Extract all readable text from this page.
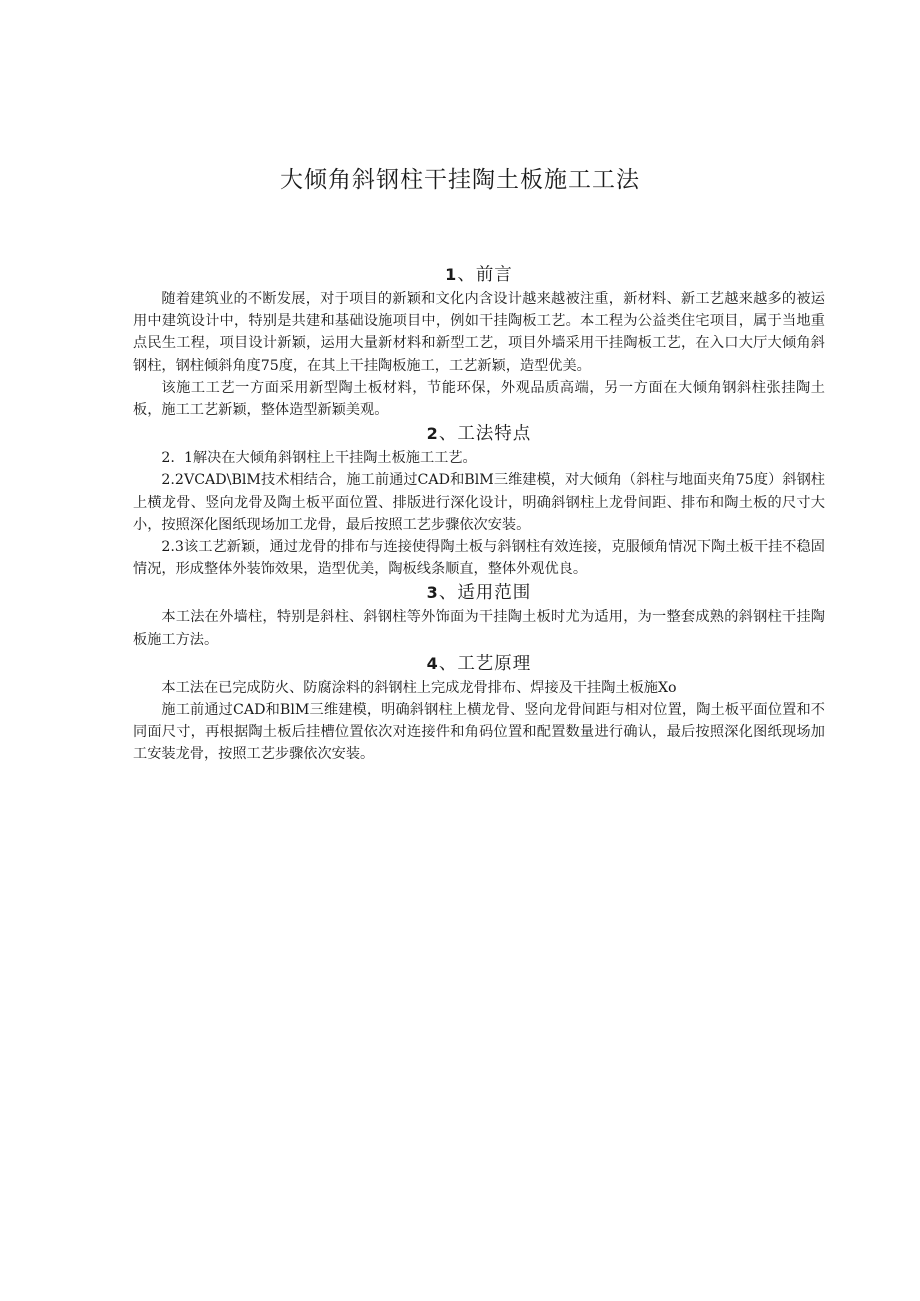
大倾角斜钢柱干挂陶土板施工工法
1、前言

随着建筑业的不断发展，对于项目的新颖和文化内含设计越来越被注重，新材料、新工艺越来越多的被运用中建筑设计中，特别是共建和基础设施项目中，例如干挂陶板工艺。本工程为公益类住宅项目，属于当地重点民生工程，项目设计新颖，运用大量新材料和新型工艺，项目外墙采用干挂陶板工艺，在入口大厅大倾角斜钢柱，钢柱倾斜角度75度，在其上干挂陶板施工，工艺新颖，造型优美。

该施工工艺一方面采用新型陶土板材料，节能环保，外观品质高端，另一方面在大倾角钢斜柱张挂陶土板，施工工艺新颖，整体造型新颖美观。

2、工法特点

2.  1解决在大倾角斜钢柱上干挂陶土板施工工艺。

2.2VCAD\BlM技术相结合，施工前通过CAD和BlM三维建模，对大倾角（斜柱与地面夹角75度）斜钢柱上横龙骨、竖向龙骨及陶土板平面位置、排版进行深化设计，明确斜钢柱上龙骨间距、排布和陶土板的尺寸大小，按照深化图纸现场加工龙骨，最后按照工艺步骤依次安装。

2.3该工艺新颖，通过龙骨的排布与连接使得陶土板与斜钢柱有效连接，克服倾角情况下陶土板干挂不稳固情况，形成整体外装饰效果，造型优美，陶板线条顺直，整体外观优良。

3、适用范围

本工法在外墙柱，特别是斜柱、斜钢柱等外饰面为干挂陶土板时尤为适用，为一整套成熟的斜钢柱干挂陶板施工方法。

4、工艺原理

本工法在已完成防火、防腐涂料的斜钢柱上完成龙骨排布、焊接及干挂陶土板施Xo

施工前通过CAD和BlM三维建模，明确斜钢柱上横龙骨、竖向龙骨间距与相对位置，陶土板平面位置和不同面尺寸，再根据陶土板后挂槽位置依次对连接件和角码位置和配置数量进行确认，最后按照深化图纸现场加工安装龙骨，按照工艺步骤依次安装。
